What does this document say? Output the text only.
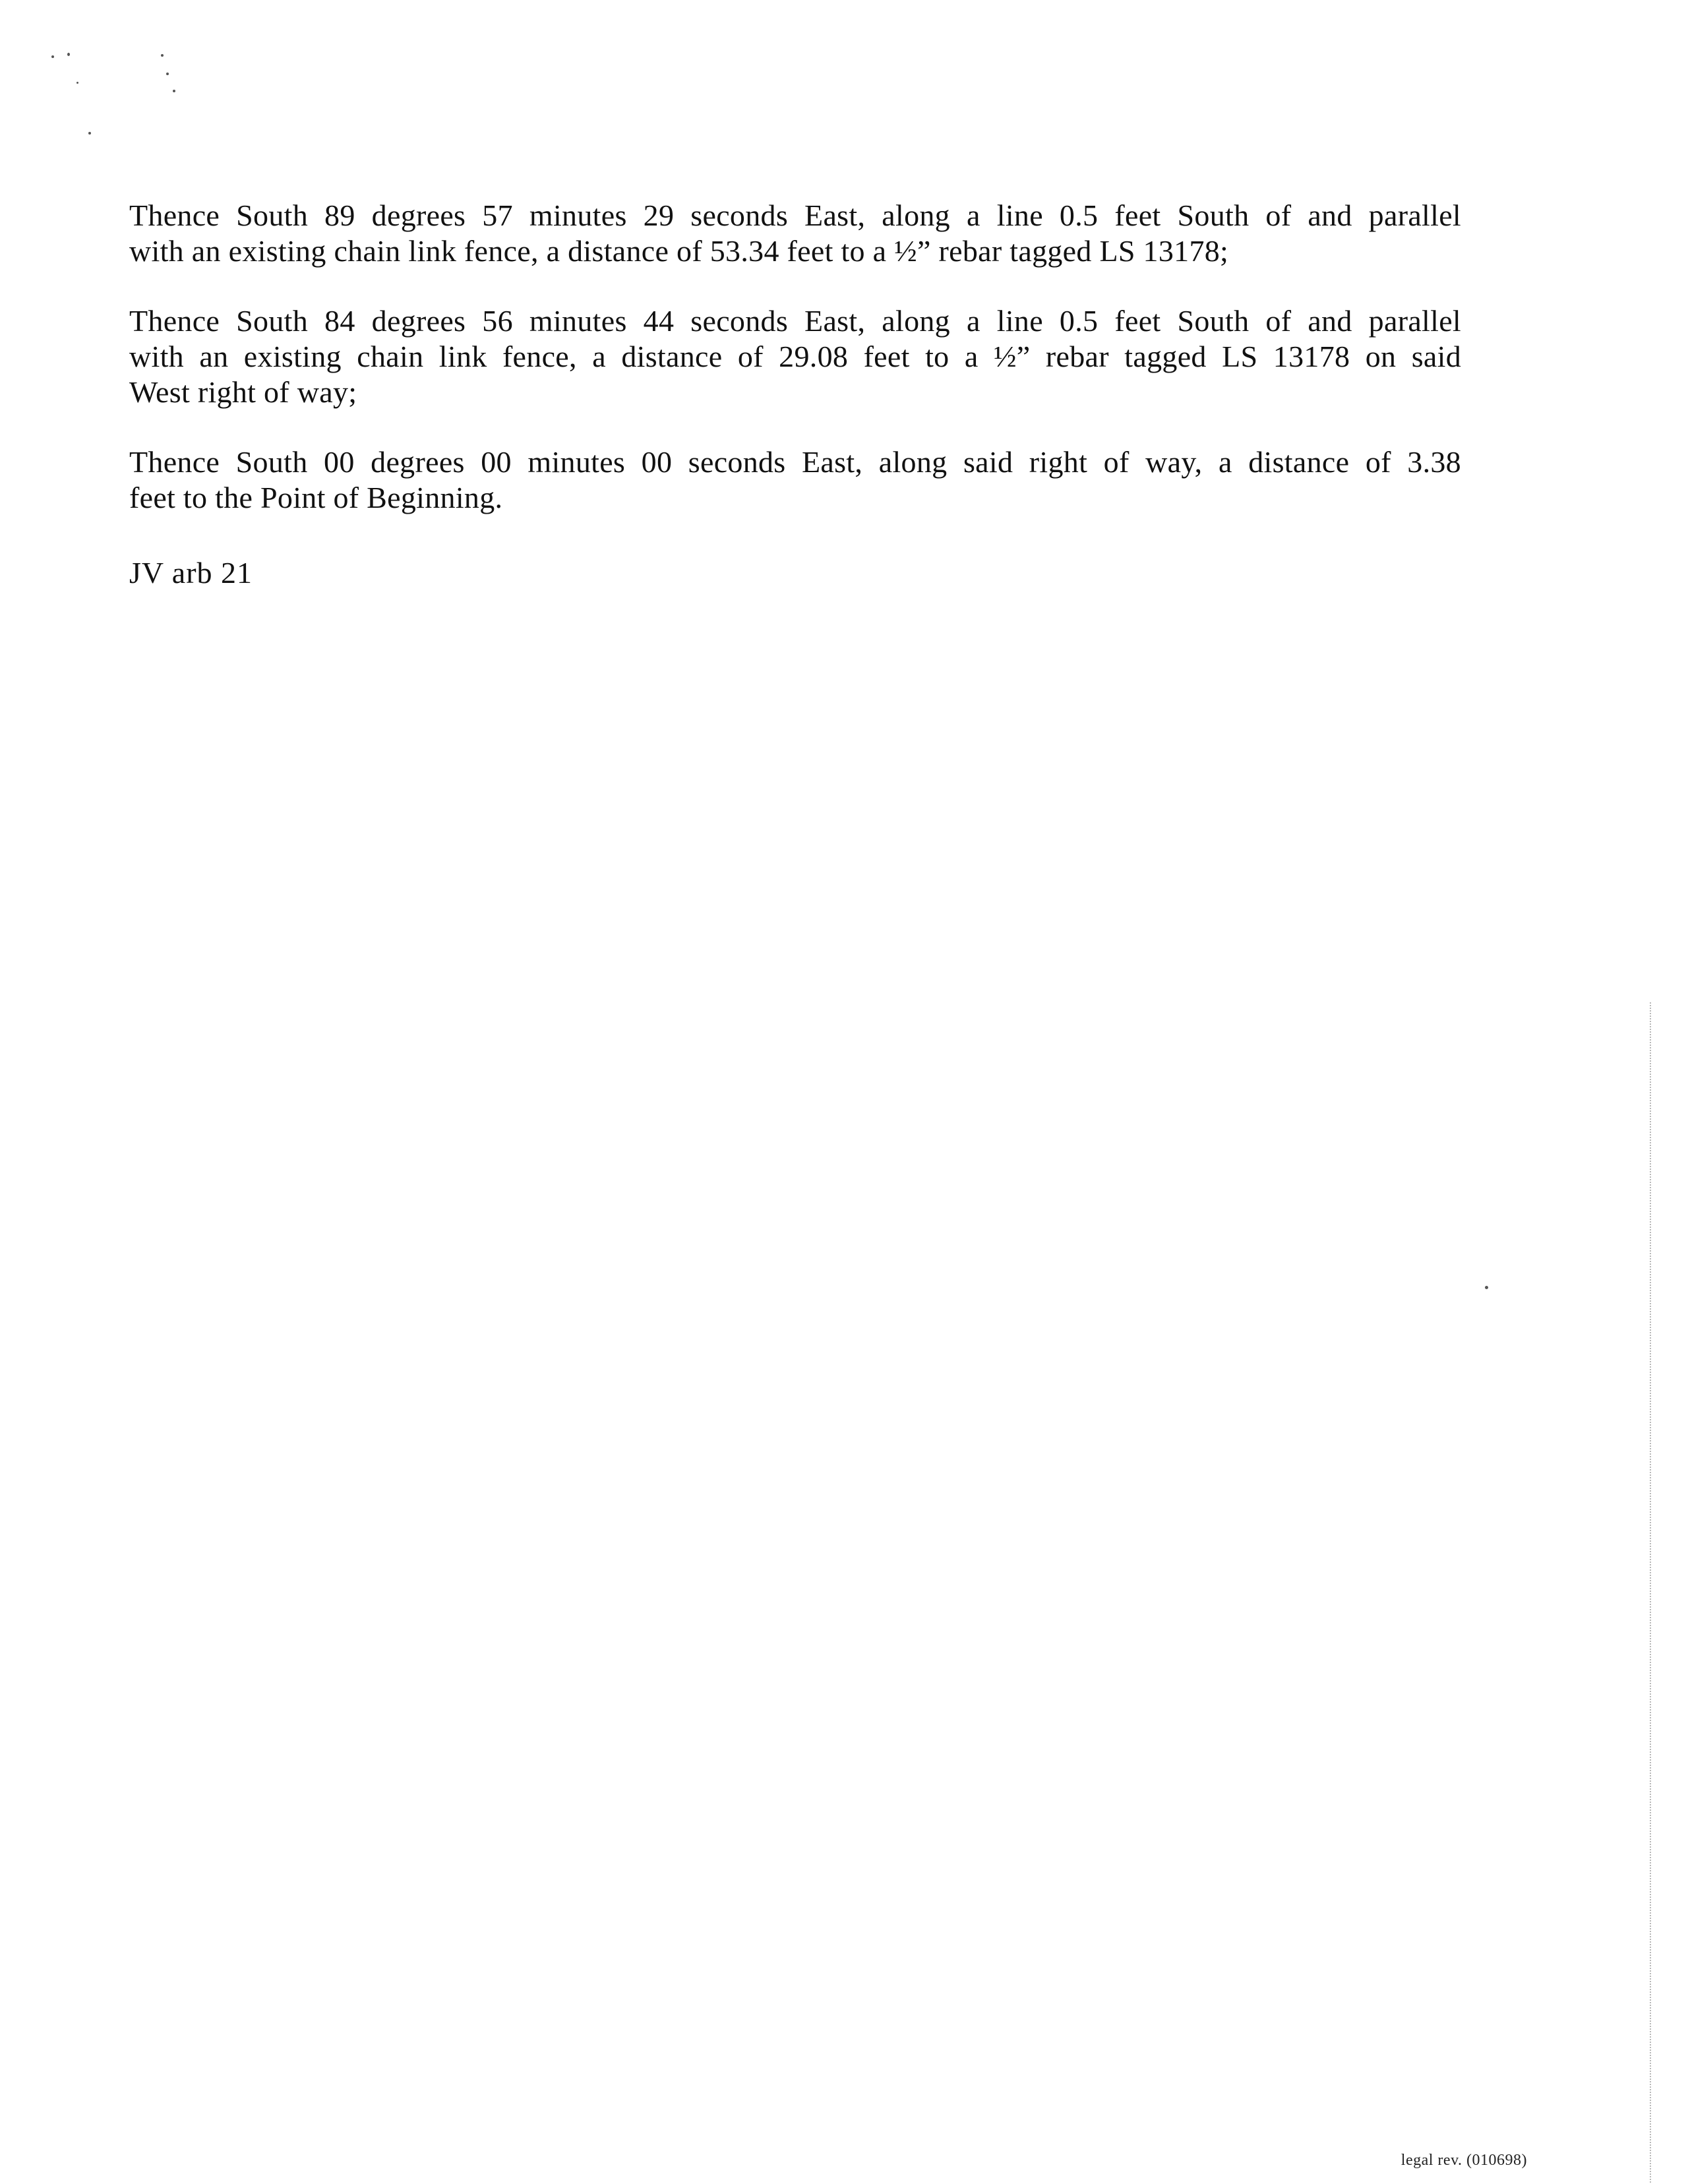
Thence South 89 degrees 57 minutes 29 seconds East, along a line 0.5 feet South of and parallel
with an existing chain link fence, a distance of 53.34 feet to a ½” rebar tagged LS 13178;

Thence South 84 degrees 56 minutes 44 seconds East, along a line 0.5 feet South of and parallel
with an existing chain link fence, a distance of 29.08 feet to a ½” rebar tagged LS 13178 on said
West right of way;

Thence South 00 degrees 00 minutes 00 seconds East, along said right of way, a distance of 3.38
feet to the Point of Beginning.

JV arb 21
legal rev. (010698)
